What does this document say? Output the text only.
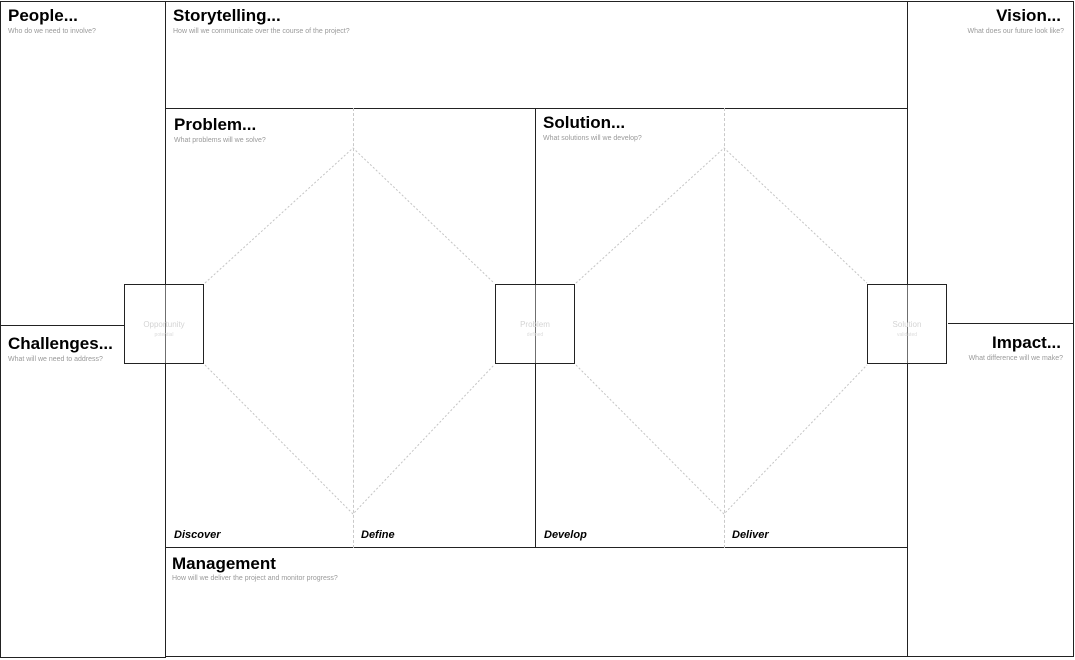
People...
Who do we need to involve?
Storytelling...
How will we communicate over the course of the project?
Vision...
What does our future look like?
Problem...
What problems will we solve?
Solution...
What solutions will we develop?
Challenges...
What will we need to address?
Impact...
What difference will we make?
Management
How will we deliver the project and monitor progress?
Discover	Define	Develop	Deliver
Opportunity
potential
Problem
defined
Solution
validated
